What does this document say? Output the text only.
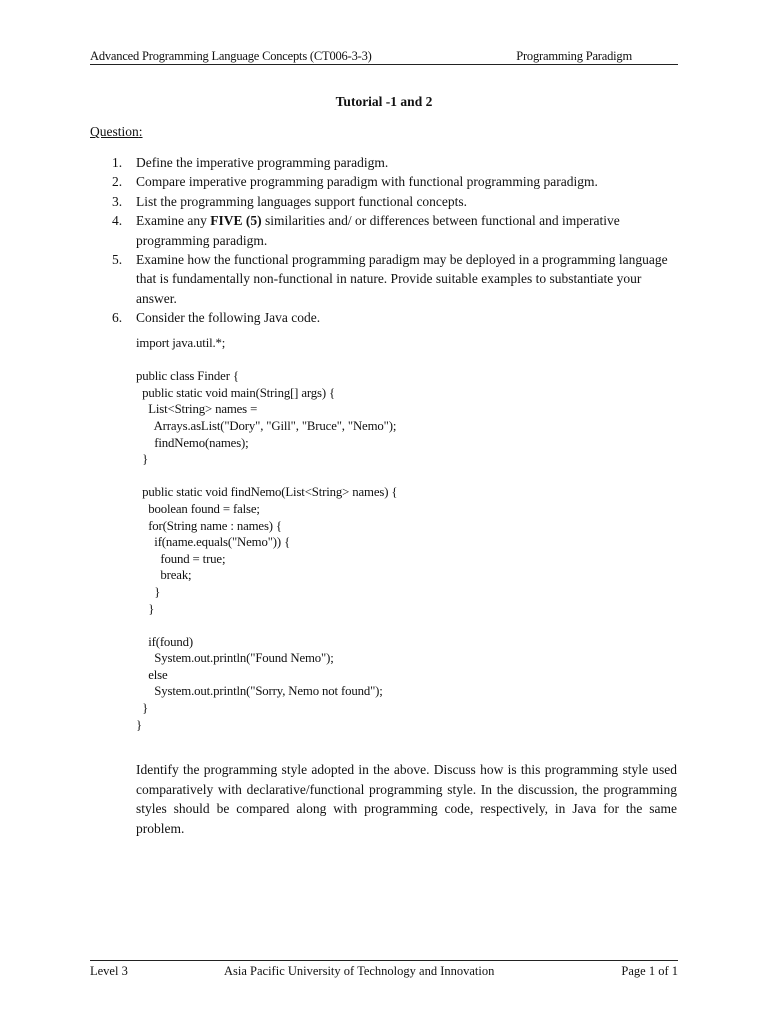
Advanced Programming Language Concepts (CT006-3-3)	Programming Paradigm
Tutorial -1 and 2
Question:
1.	Define the imperative programming paradigm.
2.	Compare imperative programming paradigm with functional programming paradigm.
3.	List the programming languages support functional concepts.
4.	Examine any FIVE (5) similarities and/ or differences between functional and imperative programming paradigm.
5.	Examine how the functional programming paradigm may be deployed in a programming language that is fundamentally non-functional in nature. Provide suitable examples to substantiate your answer.
6.	Consider the following Java code.
import java.util.*;

public class Finder {
public static void main(String[] args) {
List<String> names =
Arrays.asList("Dory", "Gill", "Bruce", "Nemo");
findNemo(names);
}

public static void findNemo(List<String> names) {
boolean found = false;
for(String name : names) {
if(name.equals("Nemo")) {
found = true;
break;
}
}

if(found)
System.out.println("Found Nemo");
else
System.out.println("Sorry, Nemo not found");
}
}
Identify the programming style adopted in the above. Discuss how is this programming style used comparatively with declarative/functional programming style. In the discussion, the programming styles should be compared along with programming code, respectively, in Java for the same problem.
Level 3	Asia Pacific University of Technology and Innovation	Page 1 of 1
